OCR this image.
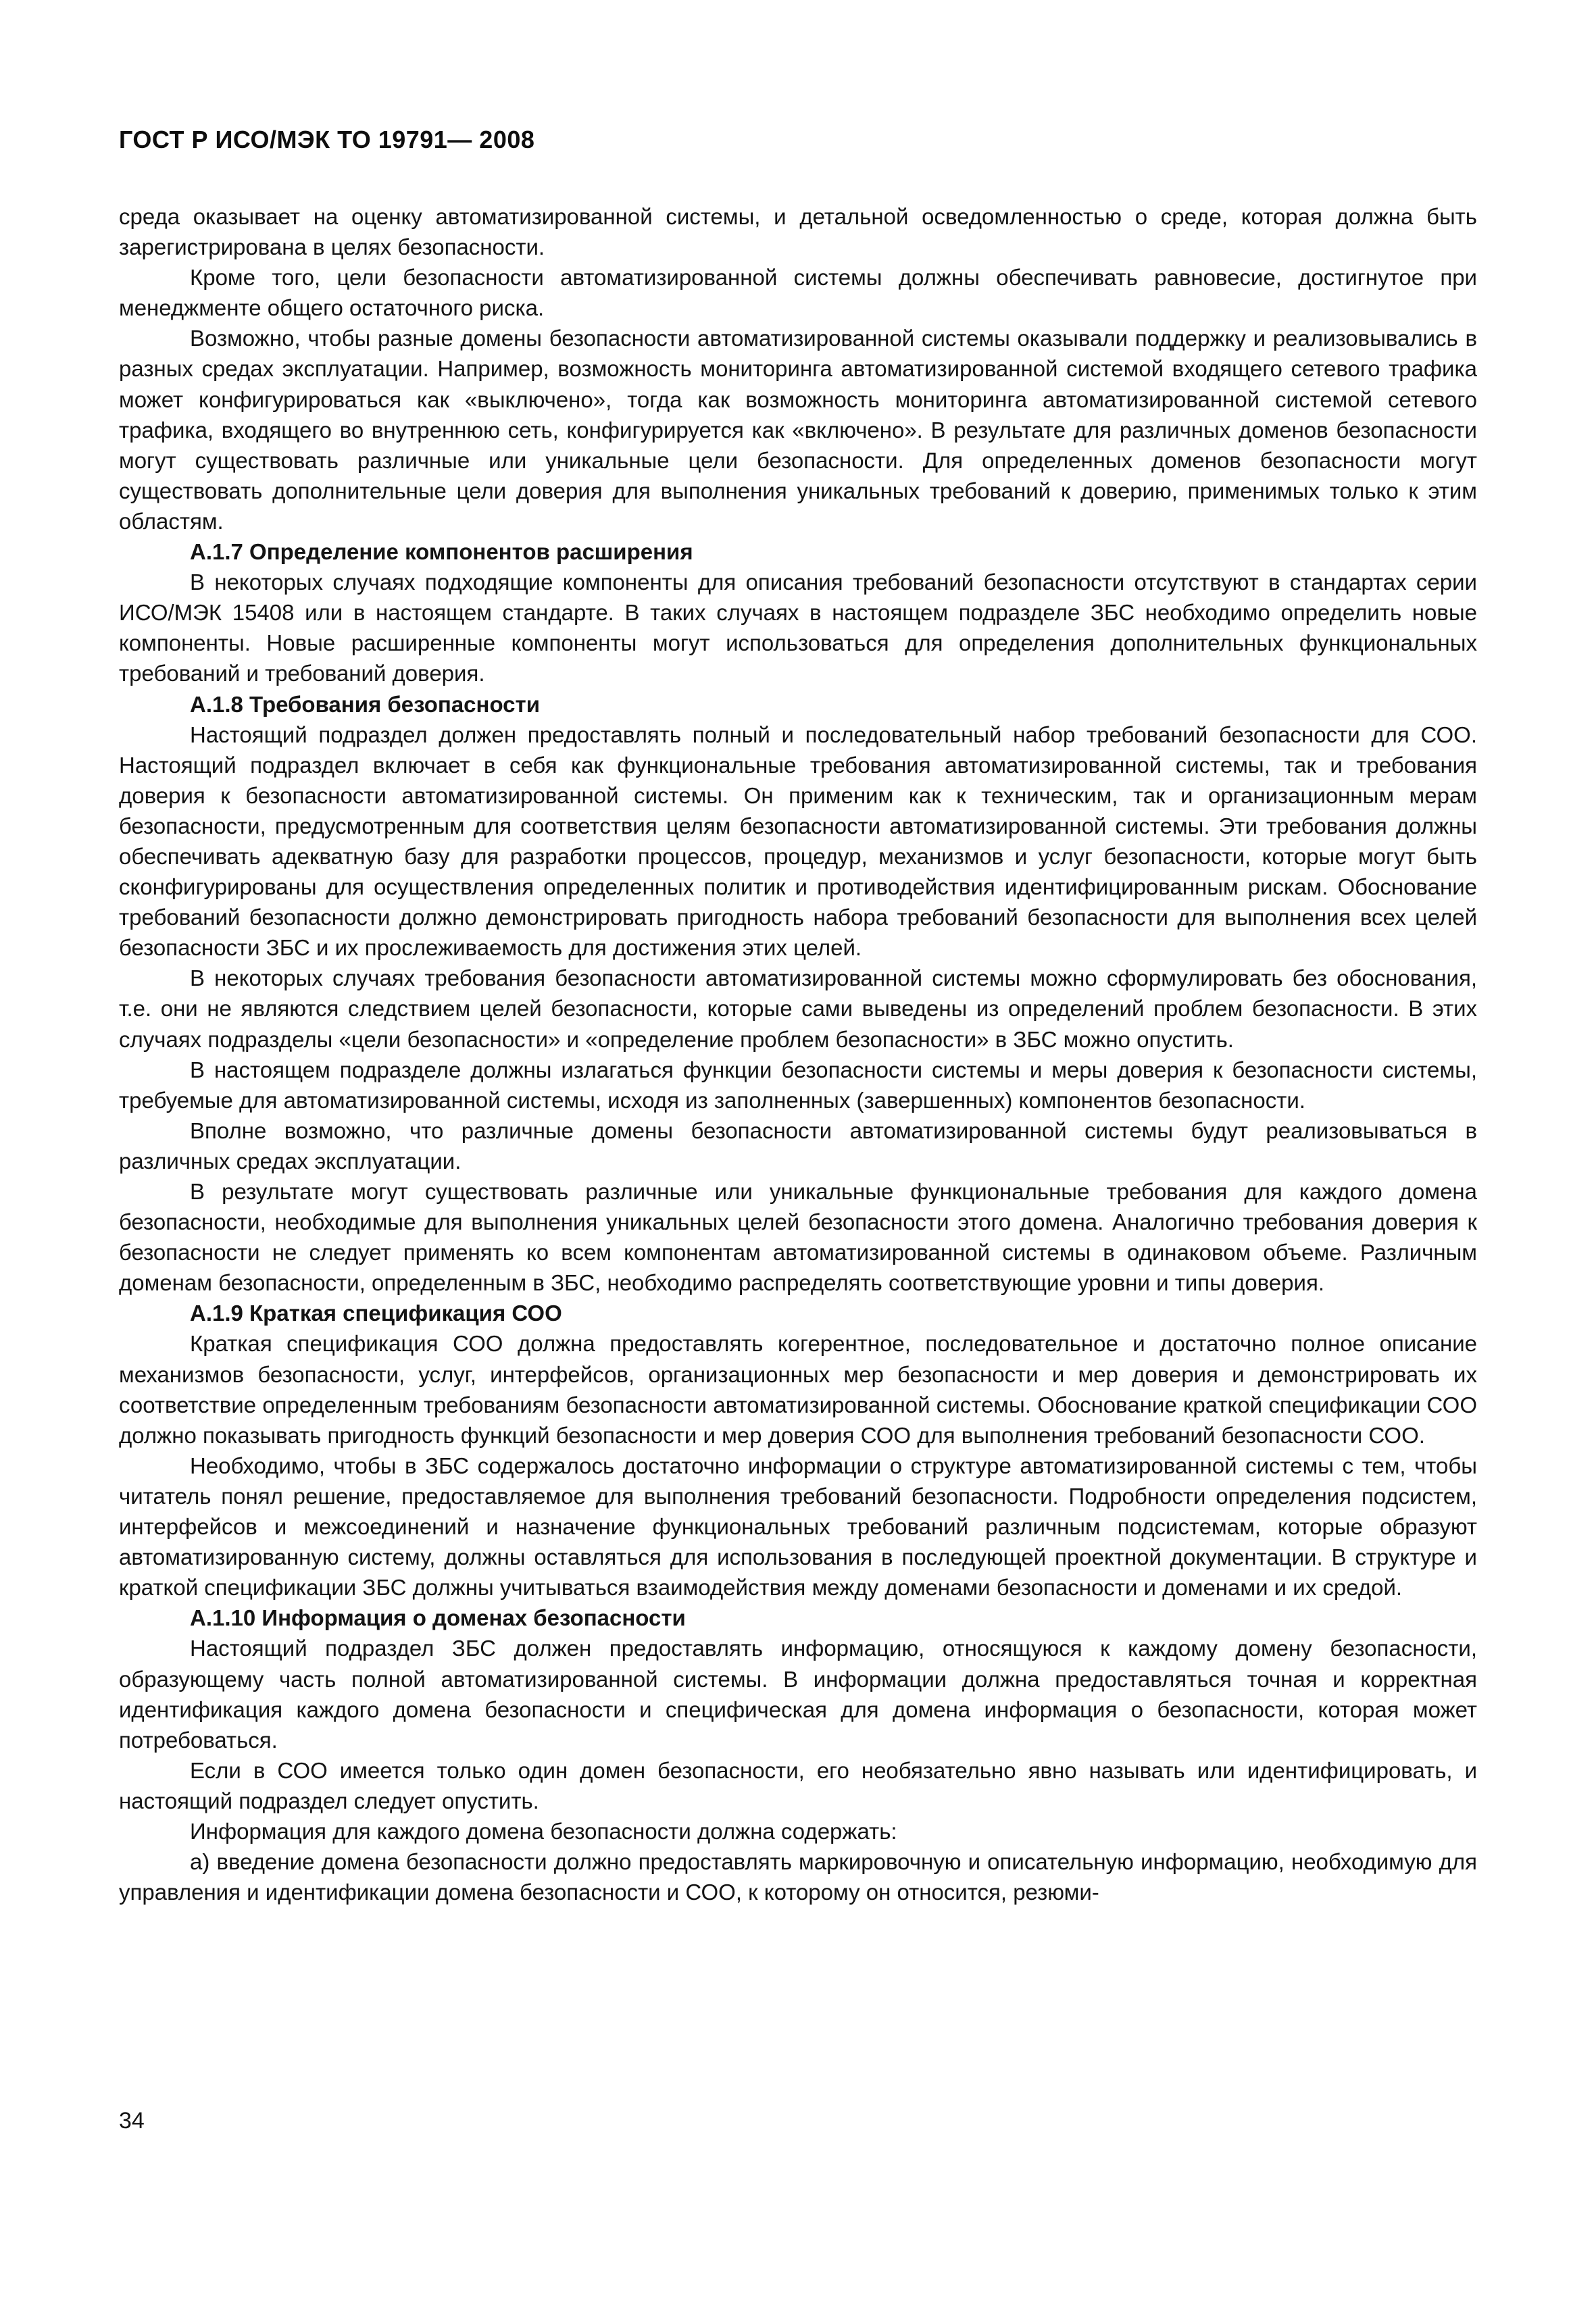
ГОСТ Р ИСО/МЭК ТО 19791— 2008

среда оказывает на оценку автоматизированной системы, и детальной осведомленностью о среде, которая должна быть зарегистрирована в целях безопасности.

Кроме того, цели безопасности автоматизированной системы должны обеспечивать равновесие, достигнутое при менеджменте общего остаточного риска.

Возможно, чтобы разные домены безопасности автоматизированной системы оказывали поддержку и реализовывались в разных средах эксплуатации. Например, возможность мониторинга автоматизированной системой входящего сетевого трафика может конфигурироваться как «выключено», тогда как возможность мониторинга автоматизированной системой сетевого трафика, входящего во внутреннюю сеть, конфигурируется как «включено». В результате для различных доменов безопасности могут существовать различные или уникальные цели безопасности. Для определенных доменов безопасности могут существовать дополнительные цели доверия для выполнения уникальных требований к доверию, применимых только к этим областям.

А.1.7 Определение компонентов расширения

В некоторых случаях подходящие компоненты для описания требований безопасности отсутствуют в стандартах серии ИСО/МЭК 15408 или в настоящем стандарте. В таких случаях в настоящем подразделе ЗБС необходимо определить новые компоненты. Новые расширенные компоненты могут использоваться для определения дополнительных функциональных требований и требований доверия.

А.1.8 Требования безопасности

Настоящий подраздел должен предоставлять полный и последовательный набор требований безопасности для СОО. Настоящий подраздел включает в себя как функциональные требования автоматизированной системы, так и требования доверия к безопасности автоматизированной системы. Он применим как к техническим, так и организационным мерам безопасности, предусмотренным для соответствия целям безопасности автоматизированной системы. Эти требования должны обеспечивать адекватную базу для разработки процессов, процедур, механизмов и услуг безопасности, которые могут быть сконфигурированы для осуществления определенных политик и противодействия идентифицированным рискам. Обоснование требований безопасности должно демонстрировать пригодность набора требований безопасности для выполнения всех целей безопасности ЗБС и их прослеживаемость для достижения этих целей.

В некоторых случаях требования безопасности автоматизированной системы можно сформулировать без обоснования, т.е. они не являются следствием целей безопасности, которые сами выведены из определений проблем безопасности. В этих случаях подразделы «цели безопасности» и «определение проблем безопасности» в ЗБС можно опустить.

В настоящем подразделе должны излагаться функции безопасности системы и меры доверия к безопасности системы, требуемые для автоматизированной системы, исходя из заполненных (завершенных) компонентов безопасности.

Вполне возможно, что различные домены безопасности автоматизированной системы будут реализовываться в различных средах эксплуатации.

В результате могут существовать различные или уникальные функциональные требования для каждого домена безопасности, необходимые для выполнения уникальных целей безопасности этого домена. Аналогично требования доверия к безопасности не следует применять ко всем компонентам автоматизированной системы в одинаковом объеме. Различным доменам безопасности, определенным в ЗБС, необходимо распределять соответствующие уровни и типы доверия.

А.1.9 Краткая спецификация СОО

Краткая спецификация СОО должна предоставлять когерентное, последовательное и достаточно полное описание механизмов безопасности, услуг, интерфейсов, организационных мер безопасности и мер доверия и демонстрировать их соответствие определенным требованиям безопасности автоматизированной системы. Обоснование краткой спецификации СОО должно показывать пригодность функций безопасности и мер доверия СОО для выполнения требований безопасности СОО.

Необходимо, чтобы в ЗБС содержалось достаточно информации о структуре автоматизированной системы с тем, чтобы читатель понял решение, предоставляемое для выполнения требований безопасности. Подробности определения подсистем, интерфейсов и межсоединений и назначение функциональных требований различным подсистемам, которые образуют автоматизированную систему, должны оставляться для использования в последующей проектной документации. В структуре и краткой спецификации ЗБС должны учитываться взаимодействия между доменами безопасности и доменами и их средой.

А.1.10 Информация о доменах безопасности

Настоящий подраздел ЗБС должен предоставлять информацию, относящуюся к каждому домену безопасности, образующему часть полной автоматизированной системы. В информации должна предоставляться точная и корректная идентификация каждого домена безопасности и специфическая для домена информация о безопасности, которая может потребоваться.

Если в СОО имеется только один домен безопасности, его необязательно явно называть или идентифицировать, и настоящий подраздел следует опустить.

Информация для каждого домена безопасности должна содержать:

а) введение домена безопасности должно предоставлять маркировочную и описательную информацию, необходимую для управления и идентификации домена безопасности и СОО, к которому он относится, резюми-

34
